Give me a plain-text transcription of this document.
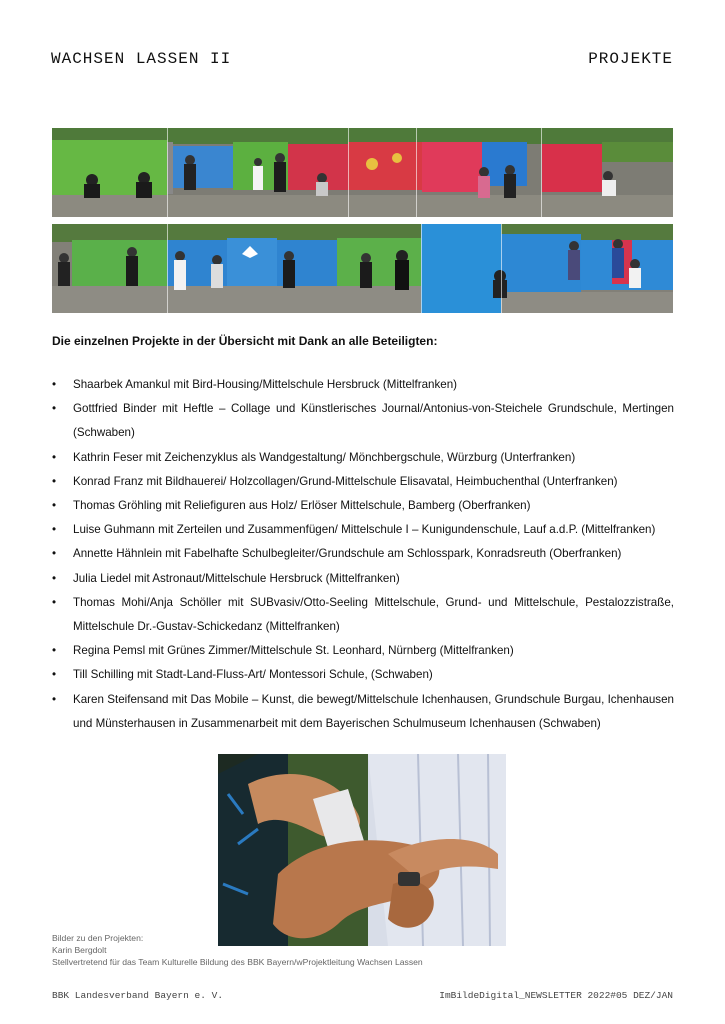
WACHSEN LASSEN II	PROJEKTE
Die einzelnen Projekte in der Übersicht mit Dank an alle Beteiligten:
• Shaarbek Amankul mit Bird-Housing/Mittelschule Hersbruck (Mittelfranken)
• Gottfried Binder mit Heftle – Collage und Künstlerisches Journal/Antonius-von-Steichele Grundschule, Mertingen (Schwaben)
• Kathrin Feser mit Zeichenzyklus als Wandgestaltung/ Mönchbergschule, Würzburg (Unterfranken)
• Konrad Franz mit Bildhauerei/ Holzcollagen/Grund-Mittelschule Elisavatal, Heimbuchenthal (Unterfranken)
• Thomas Gröhling mit Reliefiguren aus Holz/ Erlöser Mittelschule, Bamberg (Oberfranken)
• Luise Guhmann mit Zerteilen und Zusammenfügen/ Mittelschule I – Kunigundenschule, Lauf a.d.P. (Mittelfranken)
• Annette Hähnlein mit Fabelhafte Schulbegleiter/Grundschule am Schlosspark, Konradsreuth (Oberfranken)
• Julia Liedel mit Astronaut/Mittelschule Hersbruck (Mittelfranken)
• Thomas Mohi/Anja Schöller mit SUBvasiv/Otto-Seeling Mittelschule, Grund- und Mittelschule, Pestalozzistraße, Mittelschule Dr.-Gustav-Schickedanz (Mittelfranken)
• Regina Pemsl mit Grünes Zimmer/Mittelschule St. Leonhard, Nürnberg (Mittelfranken)
• Till Schilling mit Stadt-Land-Fluss-Art/ Montessori Schule, (Schwaben)
• Karen Steifensand mit Das Mobile – Kunst, die bewegt/Mittelschule Ichenhausen, Grundschule Burgau, Ichenhausen und Münsterhausen in Zusammenarbeit mit dem Bayerischen Schulmuseum Ichenhausen (Schwaben)
Bilder zu den Projekten:
Karin Bergdolt
Stellvertretend für das Team Kulturelle Bildung des BBK Bayern/wProjektleitung Wachsen Lassen
BBK Landesverband Bayern e. V.	ImBildeDigital_NEWSLETTER 2022#05 DEZ/JAN
